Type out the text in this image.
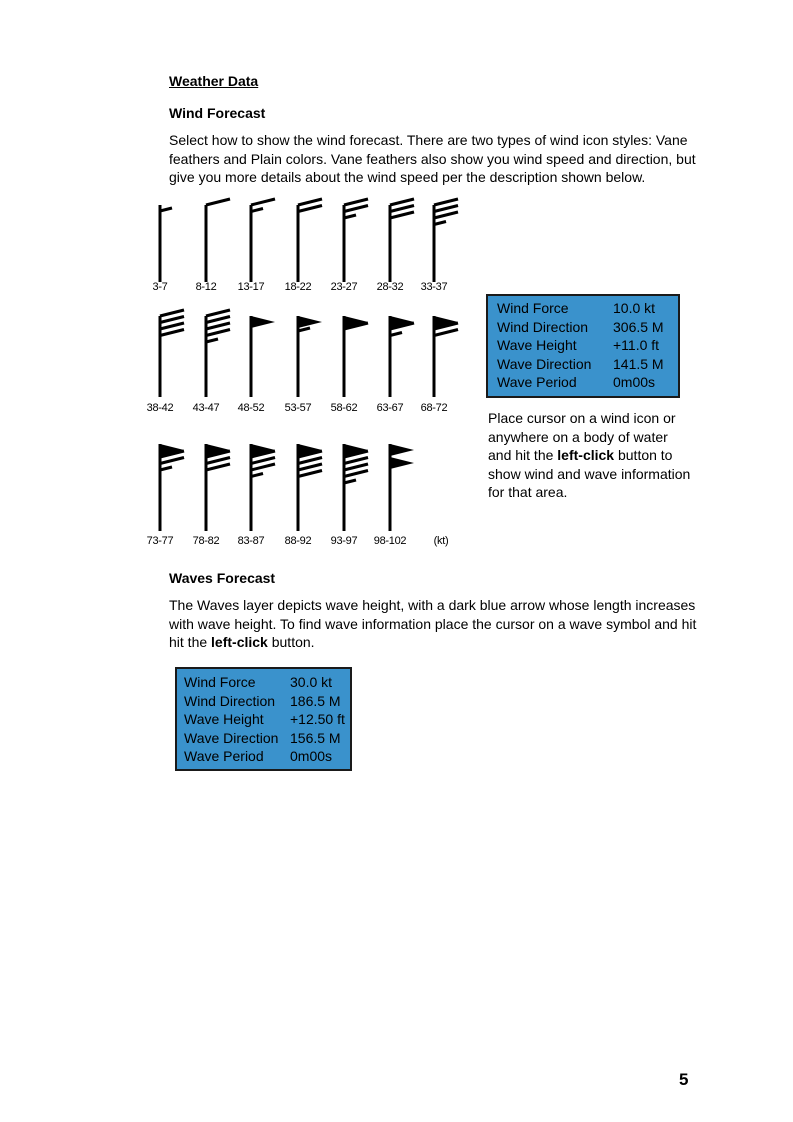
Weather Data
Wind Forecast
Select how to show the wind forecast. There are two types of wind icon styles: Vane
feathers and Plain colors. Vane feathers also show you wind speed and direction, but
give you more details about the wind speed per the description shown below.
3-7	8-12	13-17	18-22	23-27	28-32	33-37
38-42	43-47	48-52	53-57	58-62	63-67	68-72
73-77	78-82	83-87	88-92	93-97	98-102	(kt)
Wind Force	10.0 kt
Wind Direction	306.5 M
Wave Height	+11.0 ft
Wave Direction	141.5 M
Wave Period	0m00s
Place cursor on a wind icon or
anywhere on a body of water
and hit the left-click button to
show wind and wave information
for that area.
Waves Forecast
The Waves layer depicts wave height, with a dark blue arrow whose length increases
with wave height. To find wave information place the cursor on a wave symbol and hit
hit the left-click button.
Wind Force	30.0 kt
Wind Direction	186.5 M
Wave Height	+12.50 ft
Wave Direction 156.5 M
Wave Period	0m00s
5
